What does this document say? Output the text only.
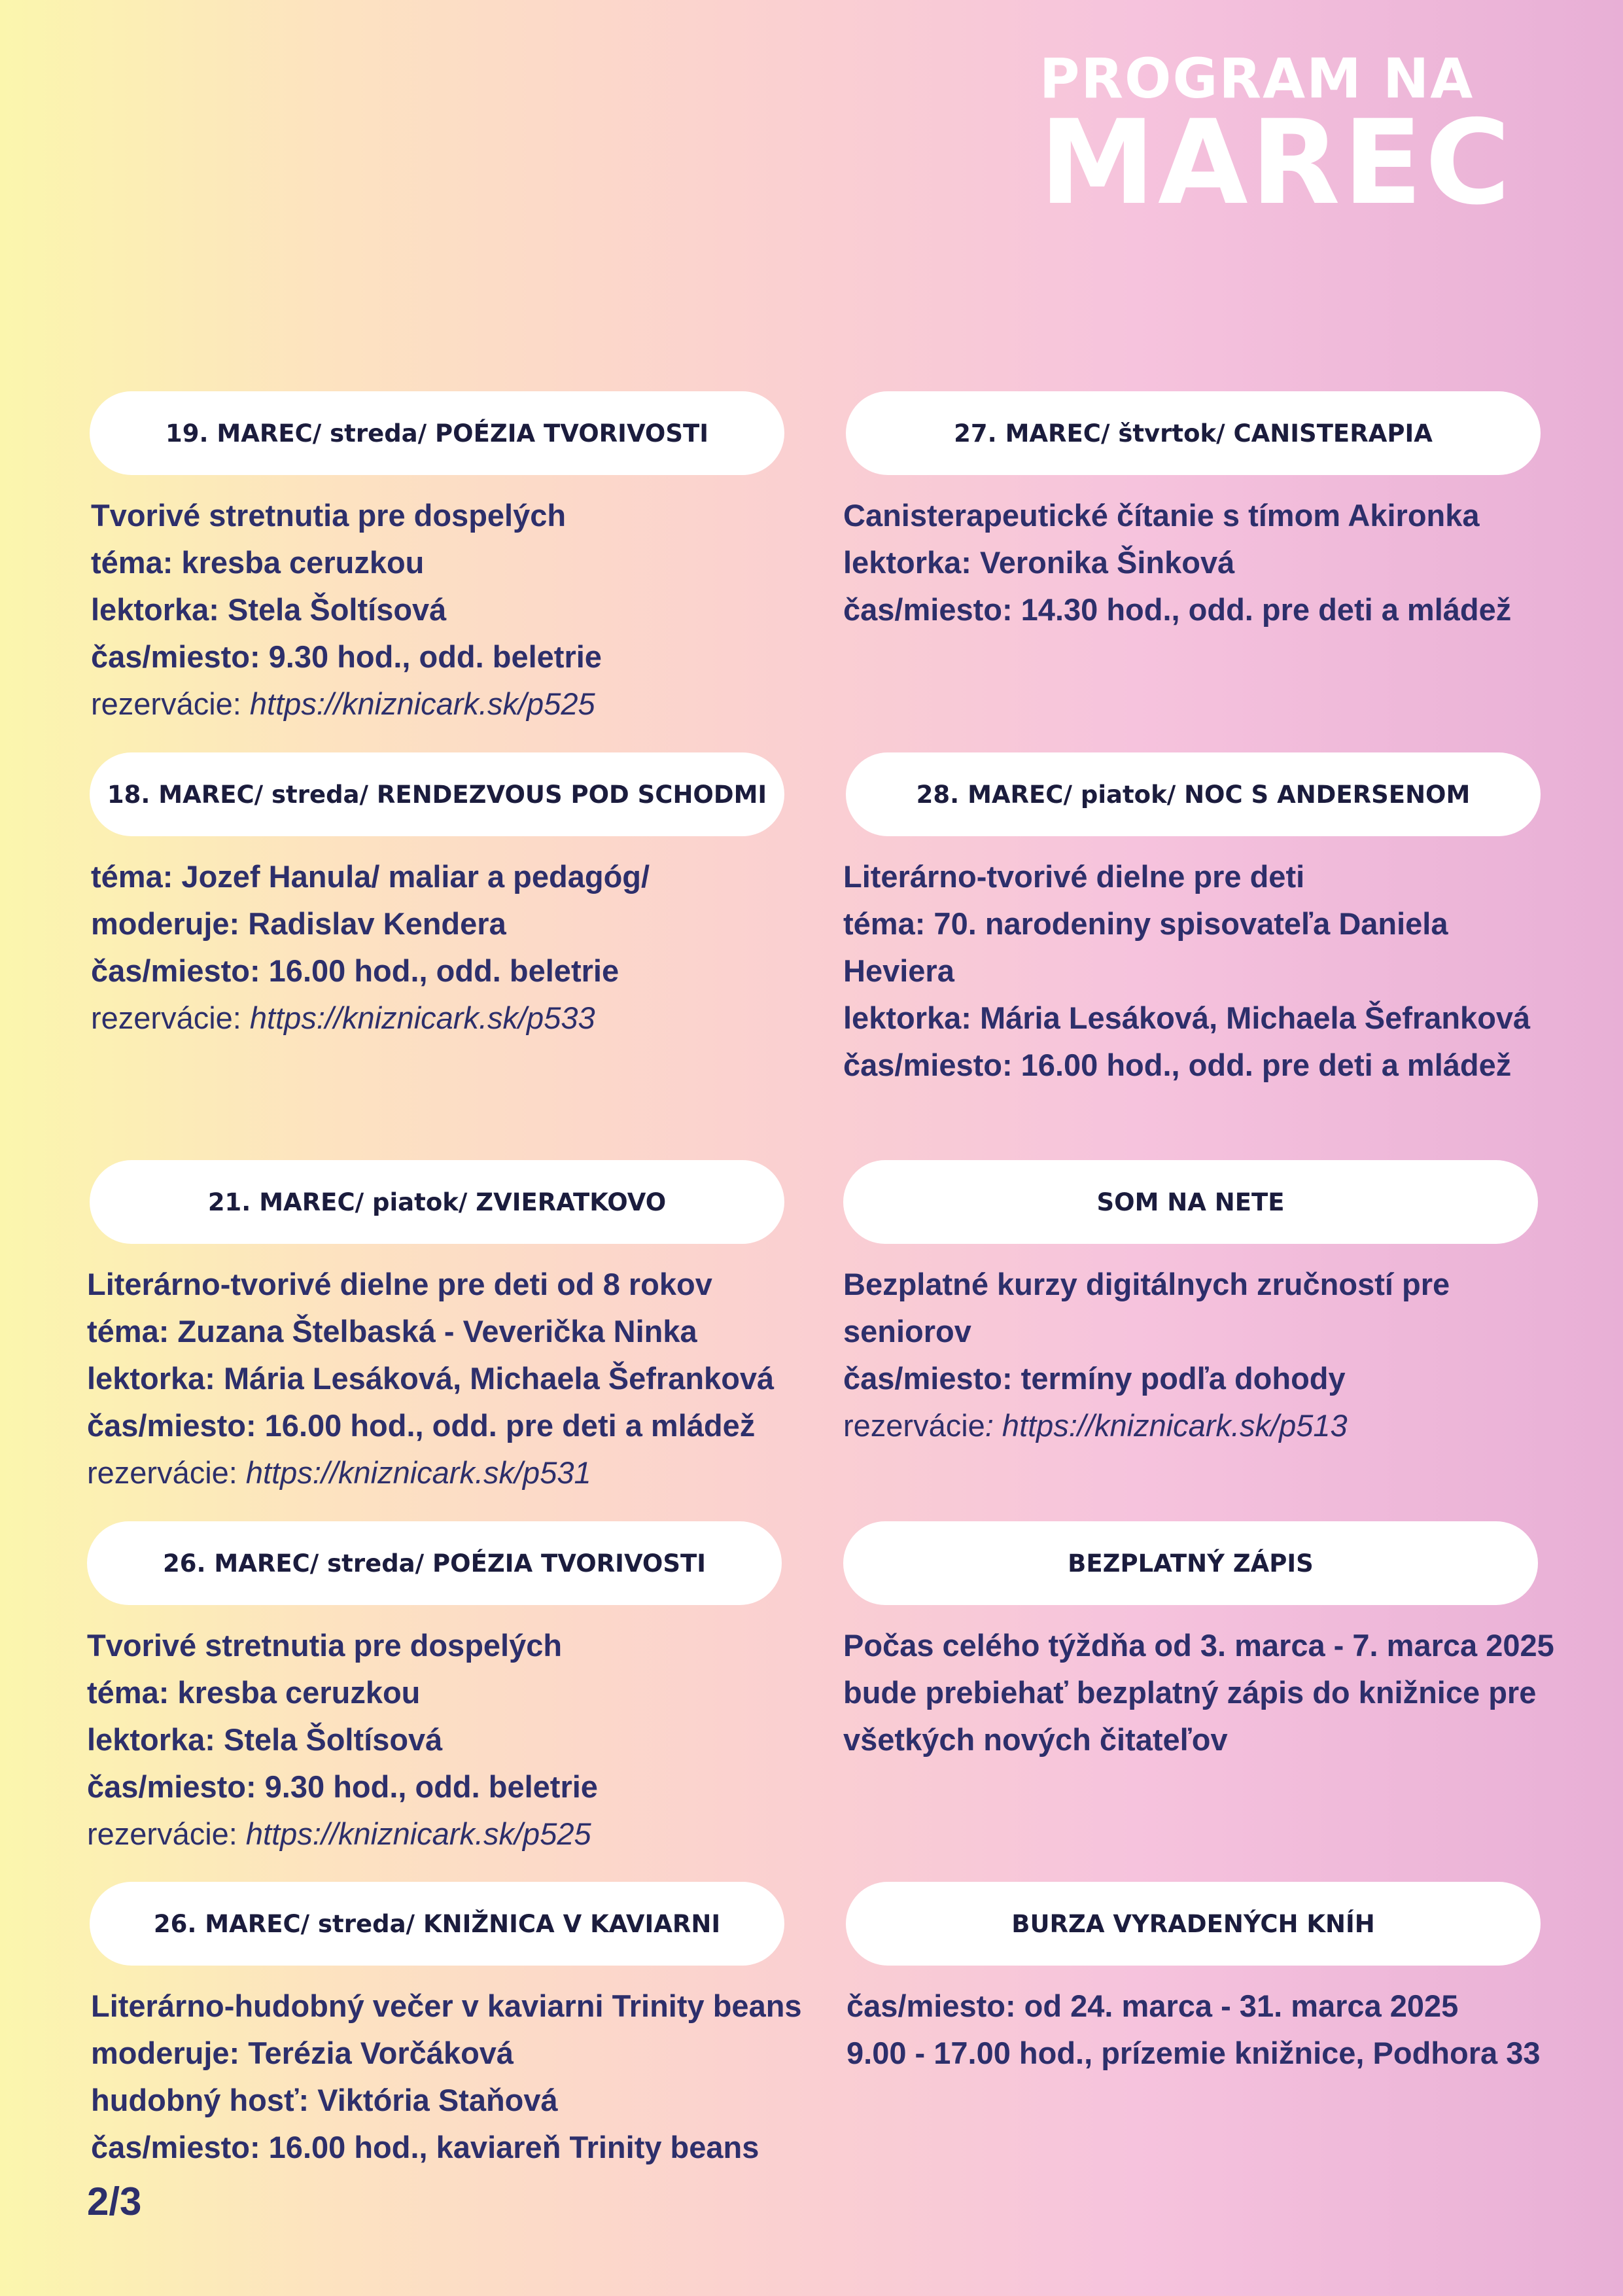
PROGRAM NA
MAREC
19. MAREC/ streda/ POÉZIA TVORIVOSTI
Tvorivé stretnutia pre dospelých
téma: kresba ceruzkou
lektorka: Stela Šoltísová
čas/miesto: 9.30 hod., odd. beletrie
rezervácie: https://kniznicark.sk/p525
27. MAREC/ štvrtok/ CANISTERAPIA
Canisterapeutické čítanie s tímom Akironka
lektorka: Veronika Šinková
čas/miesto: 14.30 hod., odd. pre deti a mládež
18. MAREC/ streda/ RENDEZVOUS POD SCHODMI
téma: Jozef Hanula/ maliar a pedagóg/
moderuje: Radislav Kendera
čas/miesto: 16.00 hod., odd. beletrie
rezervácie: https://kniznicark.sk/p533
28. MAREC/ piatok/ NOC S ANDERSENOM
Literárno-tvorivé dielne pre deti
téma: 70. narodeniny spisovateľa Daniela
Heviera
lektorka: Mária Lesáková, Michaela Šefranková
čas/miesto: 16.00 hod., odd. pre deti a mládež
21. MAREC/ piatok/ ZVIERATKOVO
Literárno-tvorivé dielne pre deti od 8 rokov
téma: Zuzana Štelbaská - Veverička Ninka
lektorka: Mária Lesáková, Michaela Šefranková
čas/miesto: 16.00 hod., odd. pre deti a mládež
rezervácie: https://kniznicark.sk/p531
SOM NA NETE
Bezplatné kurzy digitálnych zručností pre
seniorov
čas/miesto: termíny podľa dohody
rezervácie: https://kniznicark.sk/p513
26. MAREC/ streda/ POÉZIA TVORIVOSTI
Tvorivé stretnutia pre dospelých
téma: kresba ceruzkou
lektorka: Stela Šoltísová
čas/miesto: 9.30 hod., odd. beletrie
rezervácie: https://kniznicark.sk/p525
BEZPLATNÝ ZÁPIS
Počas celého týždňa od 3. marca - 7. marca 2025
bude prebiehať bezplatný zápis do knižnice pre
všetkých nových čitateľov
26. MAREC/ streda/ KNIŽNICA V KAVIARNI
Literárno-hudobný večer v kaviarni Trinity beans
moderuje: Terézia Vorčáková
hudobný hosť: Viktória Staňová
čas/miesto: 16.00 hod., kaviareň Trinity beans
BURZA VYRADENÝCH KNÍH
čas/miesto: od 24. marca - 31. marca 2025
9.00 - 17.00 hod., prízemie knižnice, Podhora 33
2/3
